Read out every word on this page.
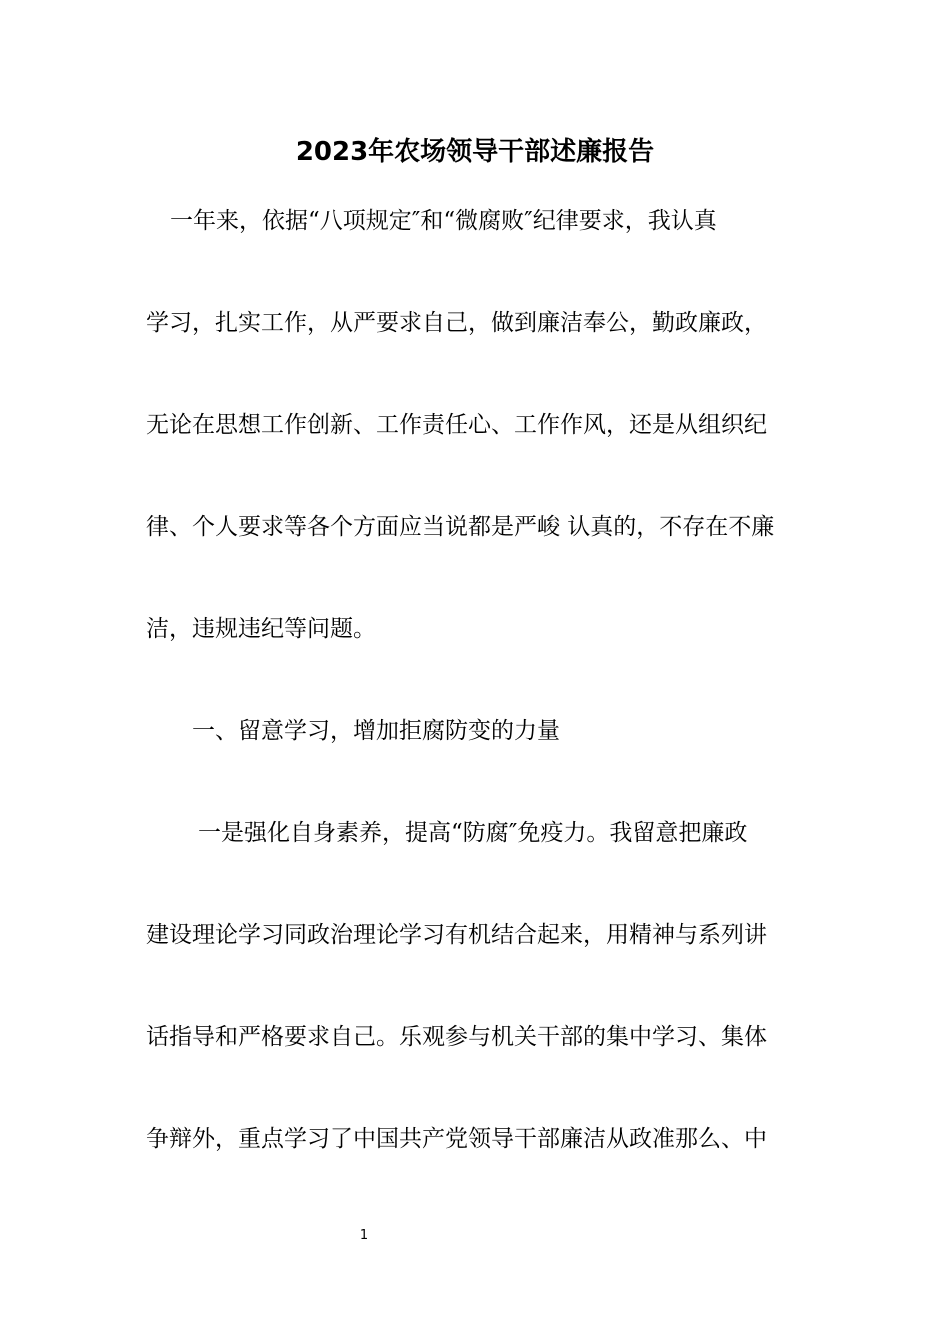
2023年农场领导干部述廉报告
一年来，依据“八项规定″和“微腐败″纪律要求，我认真
学习，扎实工作，从严要求自己，做到廉洁奉公，勤政廉政，
无论在思想工作创新、工作责任心、工作作风，还是从组织纪
律、个人要求等各个方面应当说都是严峻 认真的，不存在不廉
洁，违规违纪等问题。
一、留意学习，增加拒腐防变的力量
一是强化自身素养，提高“防腐″免疫力。我留意把廉政
建设理论学习同政治理论学习有机结合起来，用精神与系列讲
话指导和严格要求自己。乐观参与机关干部的集中学习、集体
争辩外，重点学习了中国共产党领导干部廉洁从政准那么、中
1
